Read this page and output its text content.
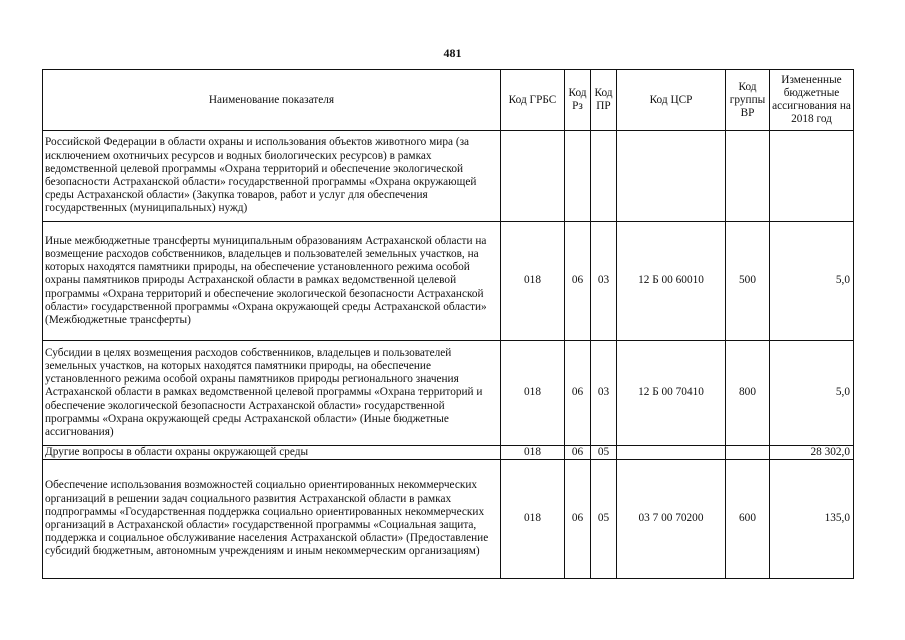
481
Наименование показателя	Код ГРБС	Код Рз	Код ПР	Код ЦСР	Код группы ВР	Измененные бюджетные ассигнования на 2018 год
Российской Федерации в области охраны и использования объектов животного мира (за исключением охотничьих ресурсов и водных биологических ресурсов) в рамках ведомственной целевой программы «Охрана территорий и обеспечение экологической безопасности Астраханской области» государственной программы «Охрана окружающей среды Астраханской области» (Закупка товаров, работ и услуг для обеспечения государственных (муниципальных) нужд)						
Иные межбюджетные трансферты муниципальным образованиям Астраханской области на возмещение расходов собственников, владельцев и пользователей земельных участков, на которых находятся памятники природы, на обеспечение установленного режима особой охраны памятников природы Астраханской области в рамках ведомственной целевой программы «Охрана территорий и обеспечение экологической безопасности Астраханской области» государственной программы «Охрана окружающей среды Астраханской области» (Межбюджетные трансферты)	018	06	03	12 Б 00 60010	500	5,0
Субсидии в целях возмещения расходов собственников, владельцев и пользователей земельных участков, на которых находятся памятники природы, на обеспечение установленного режима особой охраны памятников природы регионального значения Астраханской области в рамках ведомственной целевой программы «Охрана территорий и обеспечение экологической безопасности Астраханской области» государственной программы «Охрана окружающей среды Астраханской области» (Иные бюджетные ассигнования)	018	06	03	12 Б 00 70410	800	5,0
Другие вопросы в области охраны окружающей среды	018	06	05			28 302,0
Обеспечение использования возможностей социально ориентированных некоммерческих организаций в решении задач социального развития Астраханской области в рамках подпрограммы «Государственная поддержка социально ориентированных некоммерческих организаций в Астраханской области» государственной программы «Социальная защита, поддержка и социальное обслуживание населения Астраханской области» (Предоставление субсидий бюджетным, автономным учреждениям и иным некоммерческим организациям)	018	06	05	03 7 00 70200	600	135,0
